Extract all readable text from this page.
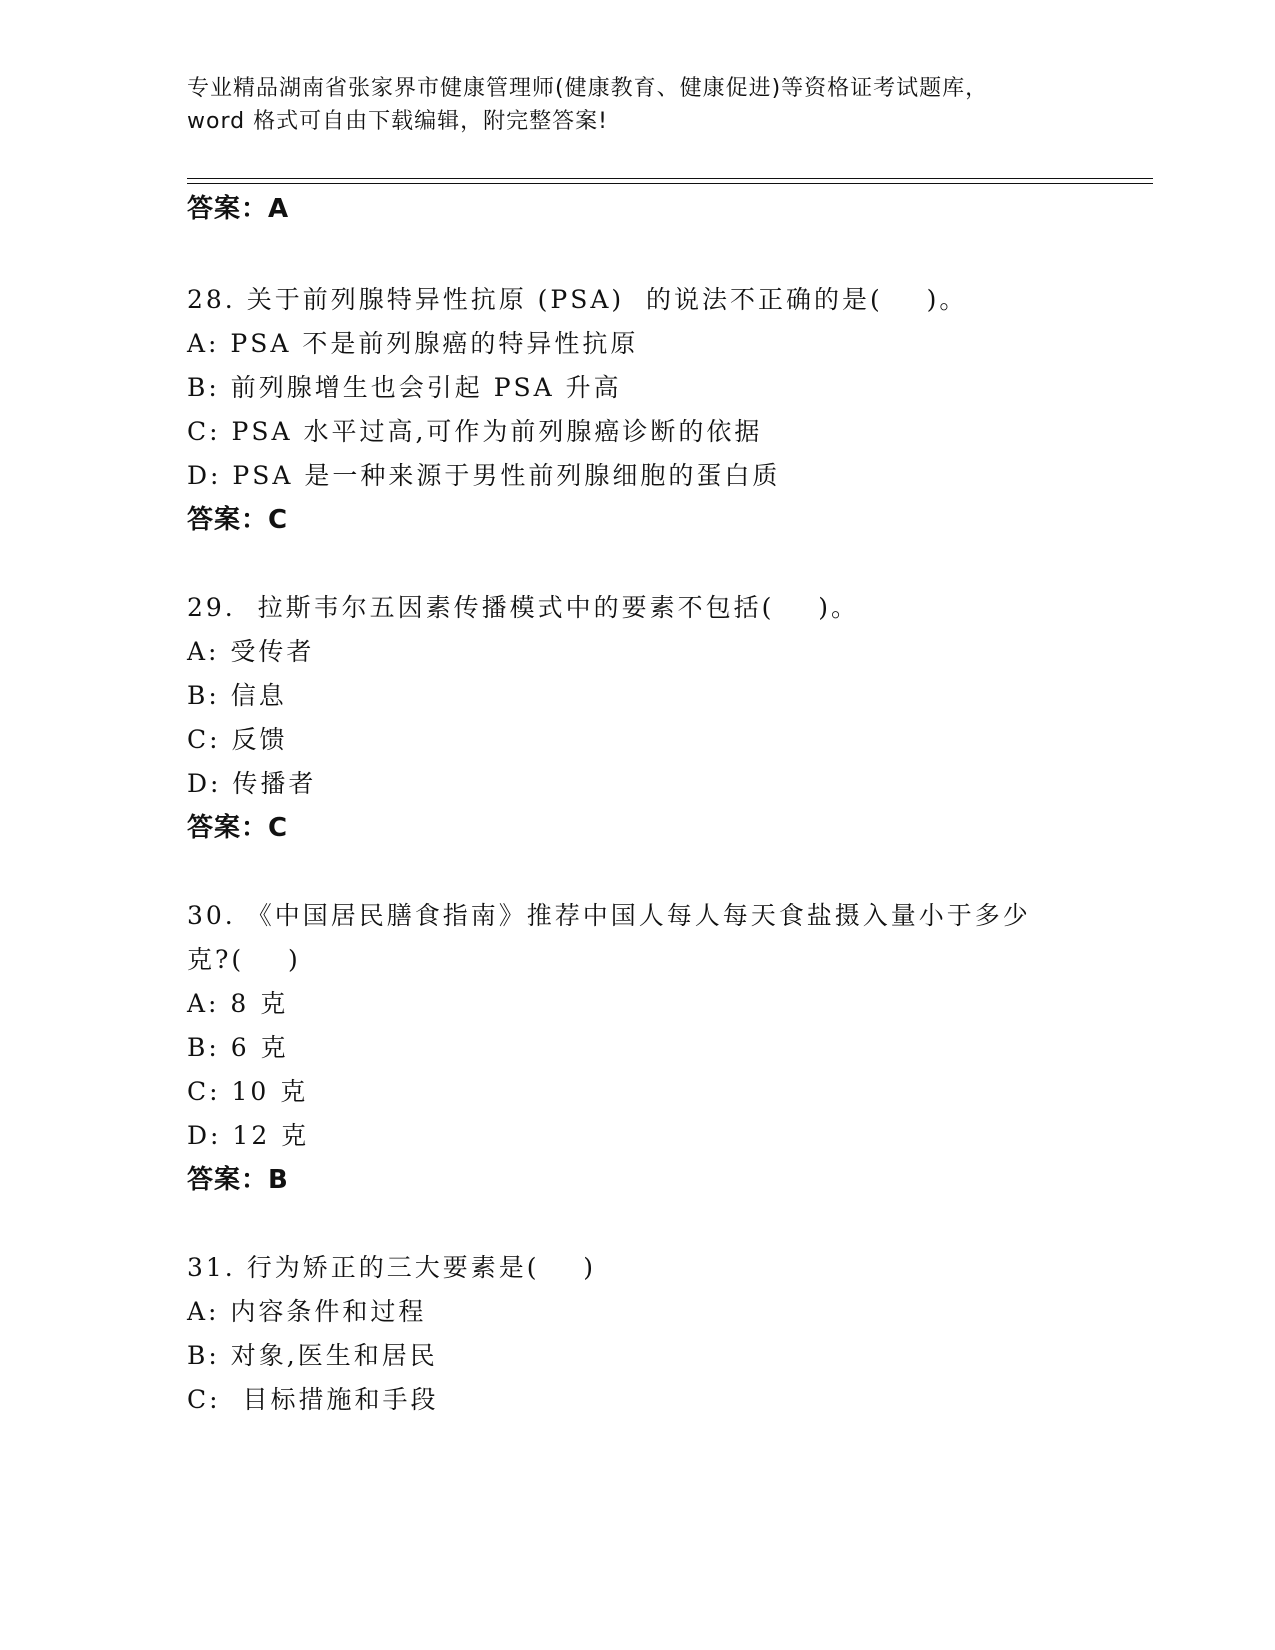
专业精品湖南省张家界市健康管理师(健康教育、健康促进)等资格证考试题库，
word 格式可自由下载编辑，附完整答案!
答案：A
28. 关于前列腺特异性抗原 (PSA)  的说法不正确的是(    )。
A: PSA 不是前列腺癌的特异性抗原
B: 前列腺增生也会引起 PSA 升高
C: PSA 水平过高,可作为前列腺癌诊断的依据
D: PSA 是一种来源于男性前列腺细胞的蛋白质
答案：C
29.  拉斯韦尔五因素传播模式中的要素不包括(    )。
A: 受传者
B: 信息
C: 反馈
D: 传播者
答案：C
30. 《中国居民膳食指南》推荐中国人每人每天食盐摄入量小于多少
克?(    )
A: 8 克
B: 6 克
C: 10 克
D: 12 克
答案：B
31. 行为矫正的三大要素是(    )
A: 内容条件和过程
B: 对象,医生和居民
C:  目标措施和手段
